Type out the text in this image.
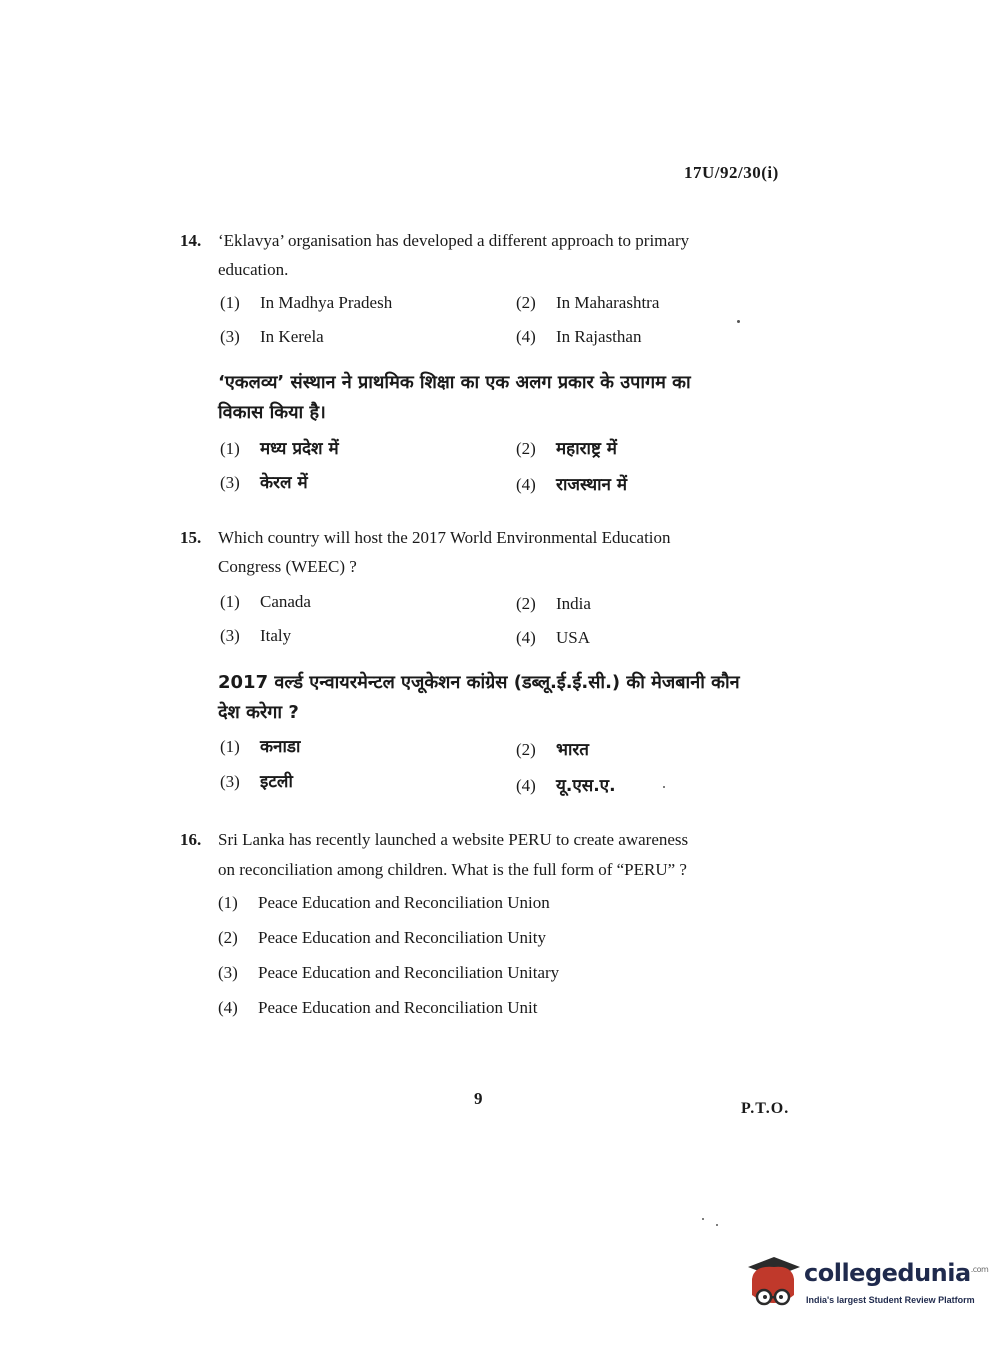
17U/92/30(i)
14. ‘Eklavya’ organisation has developed a different approach to primary
education.
(1) In Madhya Pradesh	(2) In Maharashtra
(3) In Kerela	(4) In Rajasthan
‘एकलव्य’ संस्थान ने प्राथमिक शिक्षा का एक अलग प्रकार के उपागम का
विकास किया है।
(1) मध्य प्रदेश में	(2) महाराष्ट्र में
(3) केरल में	(4) राजस्थान में
15. Which country will host the 2017 World Environmental Education
Congress (WEEC) ?
(1) Canada	(2) India
(3) Italy	(4) USA
2017 वर्ल्ड एन्वायरमेन्टल एजूकेशन कांग्रेस (डब्लू.ई.ई.सी.) की मेजबानी कौन
देश करेगा ?
(1) कनाडा	(2) भारत
(3) इटली	(4) यू.एस.ए.
16. Sri Lanka has recently launched a website PERU to create awareness
on reconciliation among children. What is the full form of “PERU” ?
(1) Peace Education and Reconciliation Union
(2) Peace Education and Reconciliation Unity
(3) Peace Education and Reconciliation Unitary
(4) Peace Education and Reconciliation Unit
9
P.T.O.
collegedunia$^{.com}$
India's largest Student Review Platform
